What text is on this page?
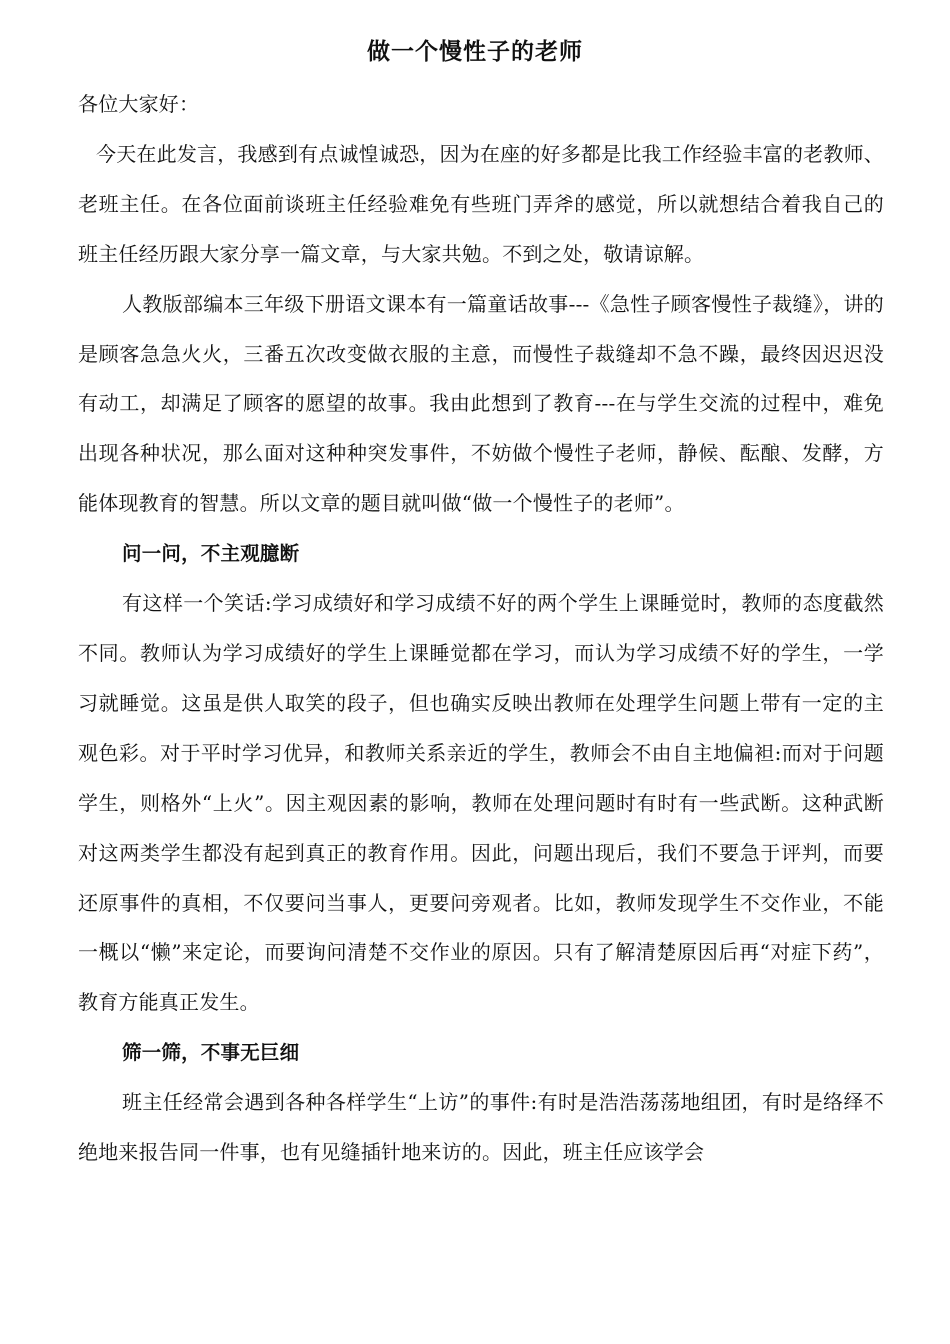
做一个慢性子的老师

各位大家好：

今天在此发言，我感到有点诚惶诚恐，因为在座的好多都是比我工作经验丰富的老教师、老班主任。在各位面前谈班主任经验难免有些班门弄斧的感觉，所以就想结合着我自己的班主任经历跟大家分享一篇文章，与大家共勉。不到之处，敬请谅解。

人教版部编本三年级下册语文课本有一篇童话故事---《急性子顾客慢性子裁缝》，讲的是顾客急急火火，三番五次改变做衣服的主意，而慢性子裁缝却不急不躁，最终因迟迟没有动工，却满足了顾客的愿望的故事。我由此想到了教育---在与学生交流的过程中，难免出现各种状况，那么面对这种种突发事件，不妨做个慢性子老师，静候、酝酿、发酵，方能体现教育的智慧。所以文章的题目就叫做“做一个慢性子的老师”。

问一问，不主观臆断

有这样一个笑话:学习成绩好和学习成绩不好的两个学生上课睡觉时，教师的态度截然不同。教师认为学习成绩好的学生上课睡觉都在学习，而认为学习成绩不好的学生，一学习就睡觉。这虽是供人取笑的段子，但也确实反映出教师在处理学生问题上带有一定的主观色彩。对于平时学习优异，和教师关系亲近的学生，教师会不由自主地偏袒:而对于问题学生，则格外“上火”。因主观因素的影响，教师在处理问题时有时有一些武断。这种武断对这两类学生都没有起到真正的教育作用。因此，问题出现后，我们不要急于评判，而要还原事件的真相，不仅要问当事人，更要问旁观者。比如，教师发现学生不交作业，不能一概以“懒”来定论，而要询问清楚不交作业的原因。只有了解清楚原因后再“对症下药”，教育方能真正发生。

筛一筛，不事无巨细

班主任经常会遇到各种各样学生“上访”的事件:有时是浩浩荡荡地组团，有时是络绎不绝地来报告同一件事，也有见缝插针地来访的。因此，班主任应该学会
